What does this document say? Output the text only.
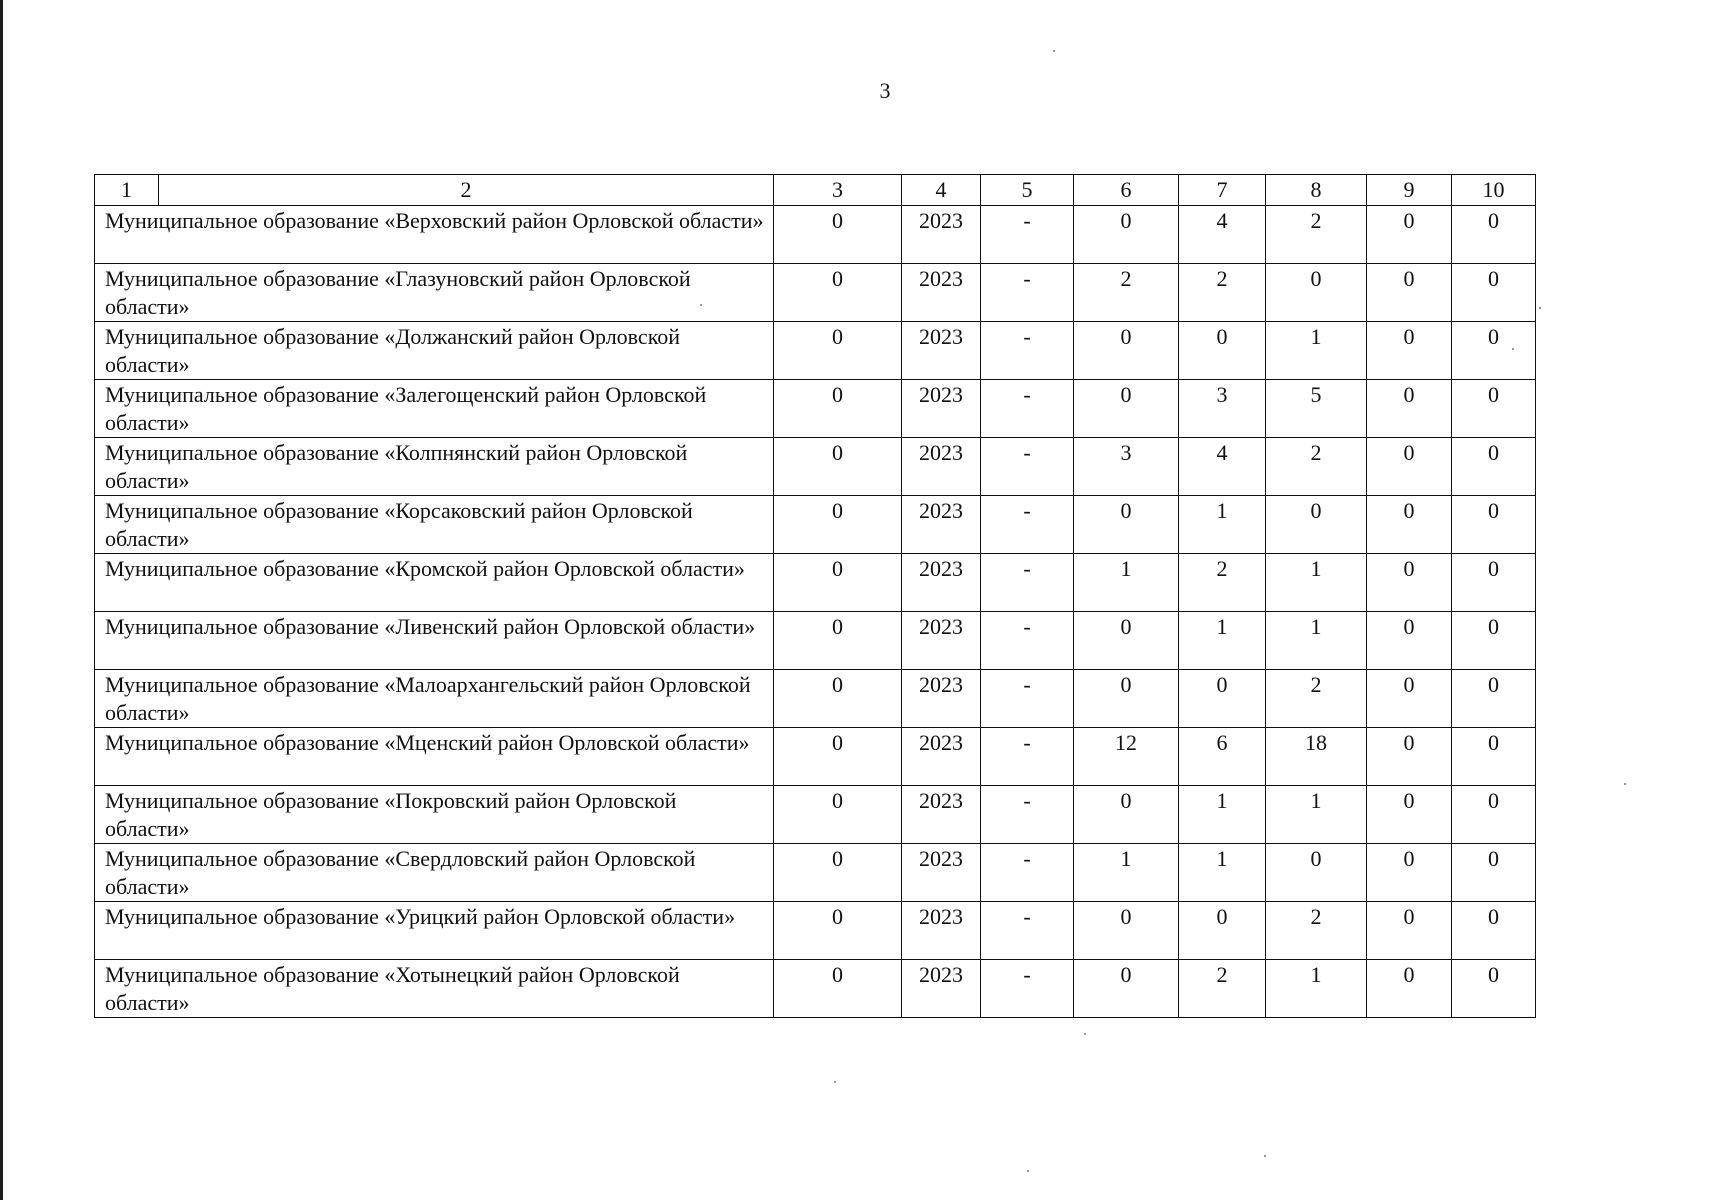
3
1	2	3	4	5	6	7	8	9	10
Муниципальное образование «Верховский район Орловской области»		0	2023	-	0	4	2	0	0
Муниципальное образование «Глазуновский район Орловской области»		0	2023	-	2	2	0	0	0
Муниципальное образование «Должанский район Орловской области»		0	2023	-	0	0	1	0	0
Муниципальное образование «Залегощенский район Орловской области»		0	2023	-	0	3	5	0	0
Муниципальное образование «Колпнянский район Орловской области»		0	2023	-	3	4	2	0	0
Муниципальное образование «Корсаковский район Орловской области»		0	2023	-	0	1	0	0	0
Муниципальное образование «Кромской район Орловской области»		0	2023	-	1	2	1	0	0
Муниципальное образование «Ливенский район Орловской области»		0	2023	-	0	1	1	0	0
Муниципальное образование «Малоархангельский район Орловской области»		0	2023	-	0	0	2	0	0
Муниципальное образование «Мценский район Орловской области»		0	2023	-	12	6	18	0	0
Муниципальное образование «Покровский район Орловской области»		0	2023	-	0	1	1	0	0
Муниципальное образование «Свердловский район Орловской области»		0	2023	-	1	1	0	0	0
Муниципальное образование «Урицкий район Орловской области»		0	2023	-	0	0	2	0	0
Муниципальное образование «Хотынецкий район Орловской области»		0	2023	-	0	2	1	0	0
